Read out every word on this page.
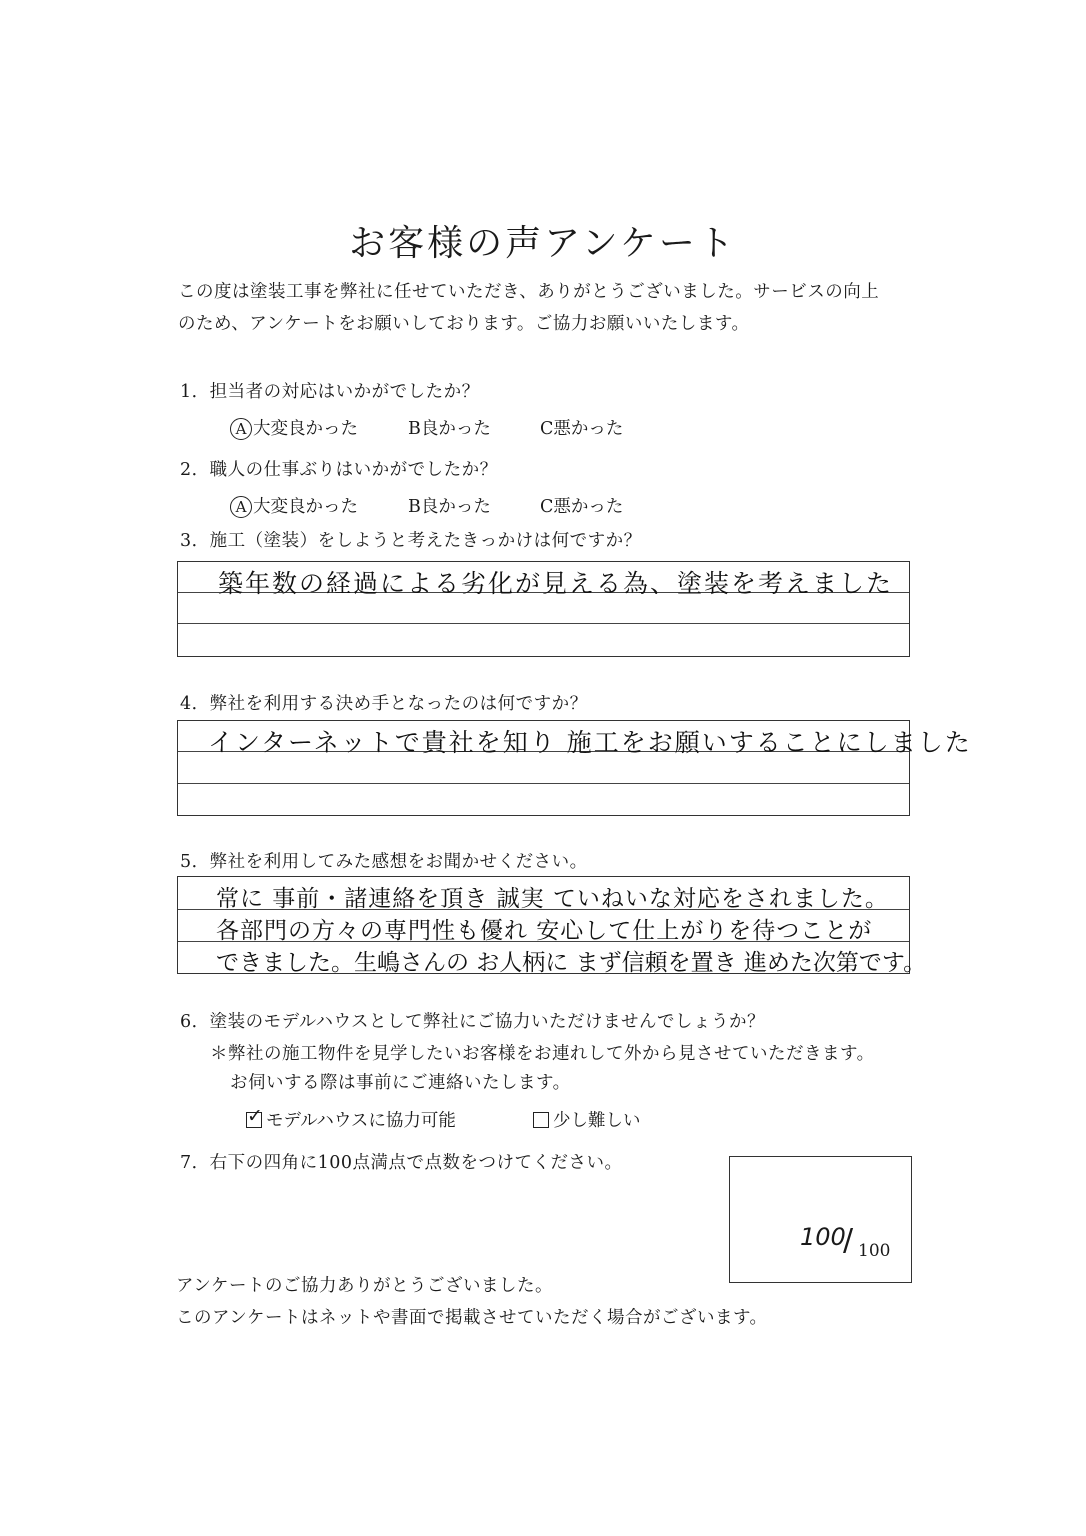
お客様の声アンケート
この度は塗装工事を弊社に任せていただき、ありがとうございました。サービスの向上
のため、アンケートをお願いしております。ご協力お願いいたします。
1．担当者の対応はいかがでしたか？
A 大変良かった	B良かった	C悪かった
2．職人の仕事ぶりはいかがでしたか？
A 大変良かった	B良かった	C悪かった
3．施工（塗装）をしようと考えたきっかけは何ですか？
築年数の経過による劣化が見える為、塗装を考えました
4．弊社を利用する決め手となったのは何ですか？
インターネットで貴社を知り 施工をお願いすることにしました
5．弊社を利用してみた感想をお聞かせください。
常に 事前・諸連絡を頂き 誠実 ていねいな対応をされました。
各部門の方々の専門性も優れ 安心して仕上がりを待つことが
できました。生嶋さんの お人柄に まず信頼を置き 進めた次第です。
6．塗装のモデルハウスとして弊社にご協力いただけませんでしょうか？
＊弊社の施工物件を見学したいお客様をお連れして外から見させていただきます。
お伺いする際は事前にご連絡いたします。
✓モデルハウスに協力可能	少し難しい
7．右下の四角に100点満点で点数をつけてください。
100
/ 100
アンケートのご協力ありがとうございました。
このアンケートはネットや書面で掲載させていただく場合がございます。
